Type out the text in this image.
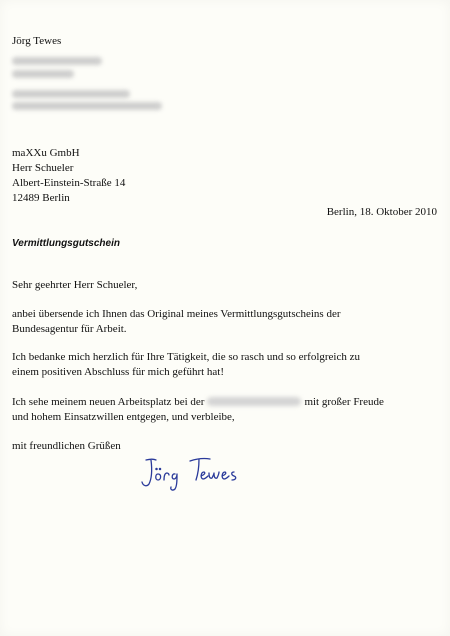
Jörg Tewes
maXXu GmbH
Herr Schueler
Albert-Einstein-Straße 14
12489 Berlin
Berlin, 18. Oktober 2010
Vermittlungsgutschein
Sehr geehrter Herr Schueler,
anbei übersende ich Ihnen das Original meines Vermittlungsgutscheins der
Bundesagentur für Arbeit.
Ich bedanke mich herzlich für Ihre Tätigkeit, die so rasch und so erfolgreich zu
einem positiven Abschluss für mich geführt hat!
Ich sehe meinem neuen Arbeitsplatz bei der	mit großer Freude
und hohem Einsatzwillen entgegen, und verbleibe,
mit freundlichen Grüßen
